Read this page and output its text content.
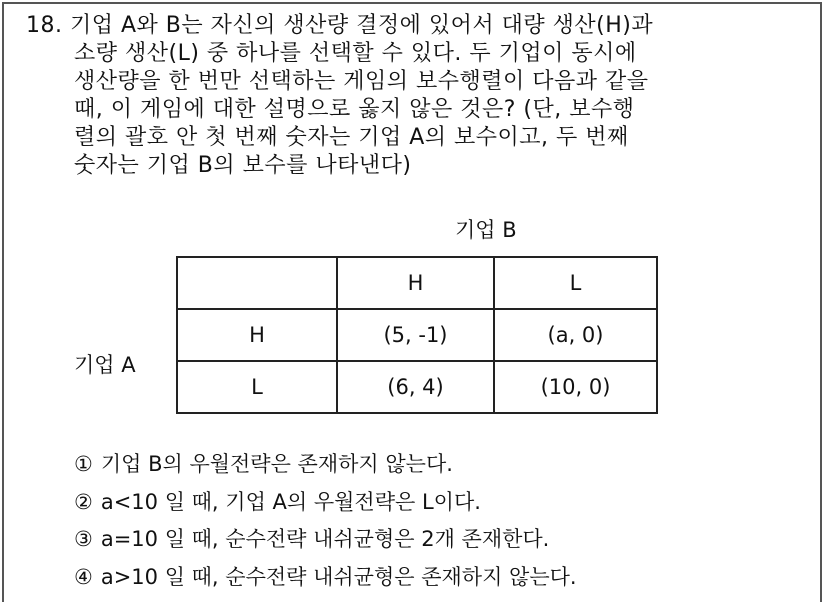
18. 기업 A와 B는 자신의 생산량 결정에 있어서 대량 생산(H)과
소량 생산(L) 중 하나를 선택할 수 있다. 두 기업이 동시에
생산량을 한 번만 선택하는 게임의 보수행렬이 다음과 같을
때, 이 게임에 대한 설명으로 옳지 않은 것은? (단, 보수행
렬의 괄호 안 첫 번째 숫자는 기업 A의 보수이고, 두 번째
숫자는 기업 B의 보수를 나타낸다)
기업 B
기업 A
	H	L
H	(5, -1)	(a, 0)
L	(6, 4)	(10, 0)
① 기업 B의 우월전략은 존재하지 않는다.
② a<10 일 때, 기업 A의 우월전략은 L이다.
③ a=10 일 때, 순수전략 내쉬균형은 2개 존재한다.
④ a>10 일 때, 순수전략 내쉬균형은 존재하지 않는다.
